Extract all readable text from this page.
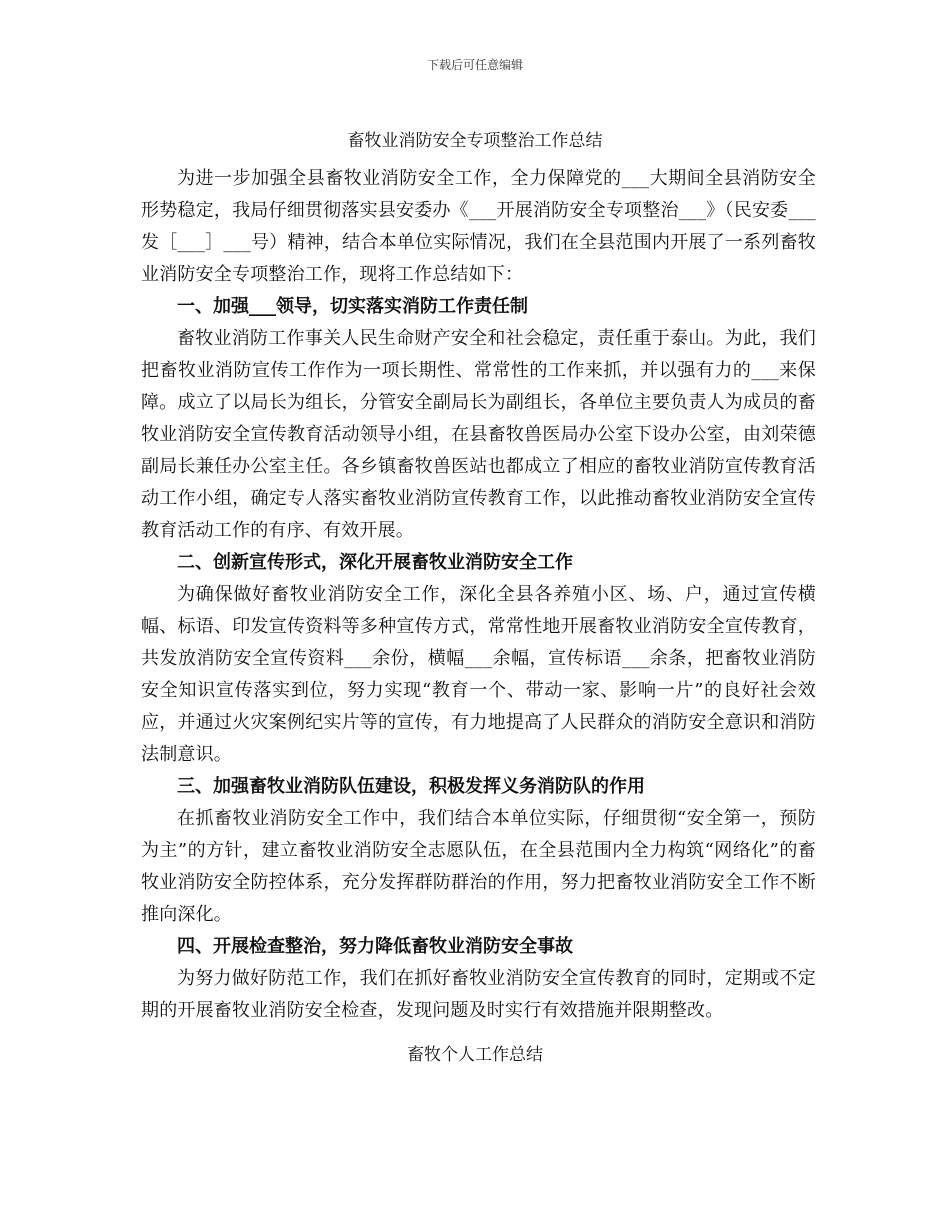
下载后可任意编辑
畜牧业消防安全专项整治工作总结

为进一步加强全县畜牧业消防安全工作，全力保障党的___大期间全县消防安全形势稳定，我局仔细贯彻落实县安委办《___开展消防安全专项整治___》（民安委___发［___］___号）精神，结合本单位实际情况，我们在全县范围内开展了一系列畜牧业消防安全专项整治工作，现将工作总结如下：

一、加强___领导，切实落实消防工作责任制

畜牧业消防工作事关人民生命财产安全和社会稳定，责任重于泰山。为此，我们把畜牧业消防宣传工作作为一项长期性、常常性的工作来抓，并以强有力的___来保障。成立了以局长为组长，分管安全副局长为副组长，各单位主要负责人为成员的畜牧业消防安全宣传教育活动领导小组，在县畜牧兽医局办公室下设办公室，由刘荣德副局长兼任办公室主任。各乡镇畜牧兽医站也都成立了相应的畜牧业消防宣传教育活动工作小组，确定专人落实畜牧业消防宣传教育工作，以此推动畜牧业消防安全宣传教育活动工作的有序、有效开展。

二、创新宣传形式，深化开展畜牧业消防安全工作

为确保做好畜牧业消防安全工作，深化全县各养殖小区、场、户，通过宣传横幅、标语、印发宣传资料等多种宣传方式，常常性地开展畜牧业消防安全宣传教育，共发放消防安全宣传资料___余份，横幅___余幅，宣传标语___余条，把畜牧业消防安全知识宣传落实到位，努力实现“教育一个、带动一家、影响一片”的良好社会效应，并通过火灾案例纪实片等的宣传，有力地提高了人民群众的消防安全意识和消防法制意识。

三、加强畜牧业消防队伍建设，积极发挥义务消防队的作用

在抓畜牧业消防安全工作中，我们结合本单位实际，仔细贯彻“安全第一，预防为主”的方针，建立畜牧业消防安全志愿队伍，在全县范围内全力构筑“网络化”的畜牧业消防安全防控体系，充分发挥群防群治的作用，努力把畜牧业消防安全工作不断推向深化。

四、开展检查整治，努力降低畜牧业消防安全事故

为努力做好防范工作，我们在抓好畜牧业消防安全宣传教育的同时，定期或不定期的开展畜牧业消防安全检查，发现问题及时实行有效措施并限期整改。

畜牧个人工作总结
